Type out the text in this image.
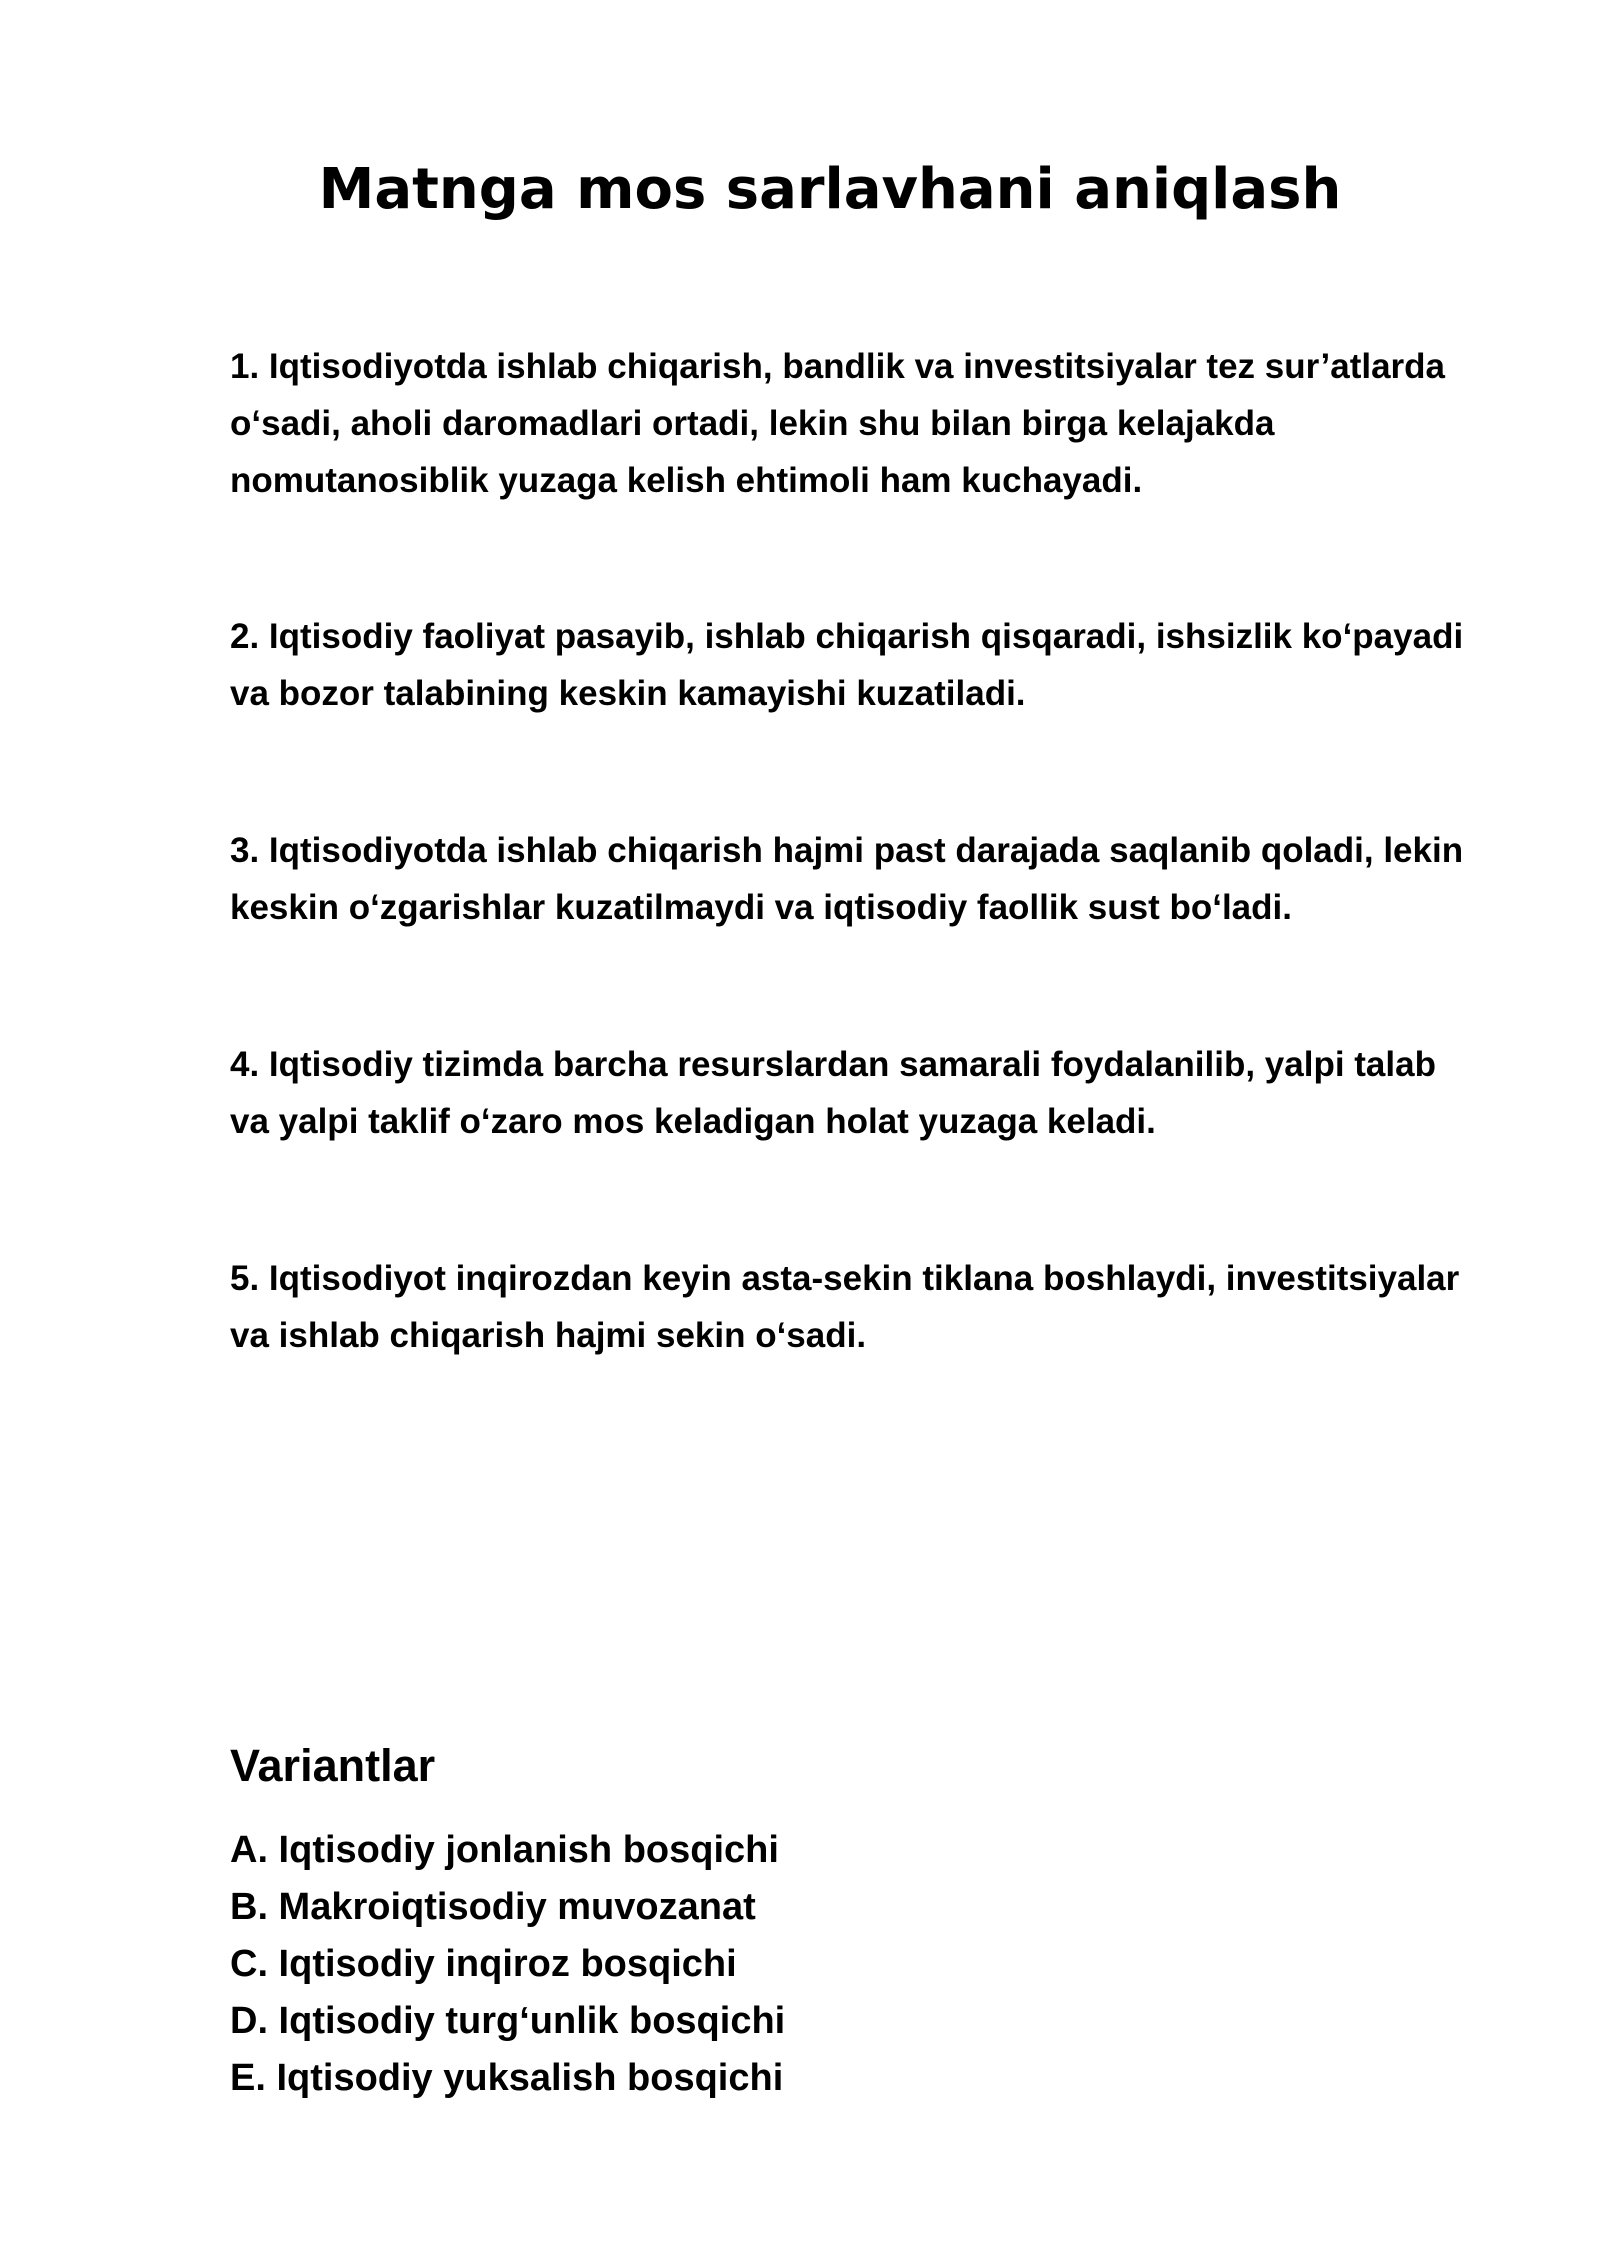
Matnga mos sarlavhani aniqlash

1. Iqtisodiyotda ishlab chiqarish, bandlik va investitsiyalar tez sur’atlarda o‘sadi, aholi daromadlari ortadi, lekin shu bilan birga kelajakda nomutanosiblik yuzaga kelish ehtimoli ham kuchayadi.

2. Iqtisodiy faoliyat pasayib, ishlab chiqarish qisqaradi, ishsizlik ko‘payadi va bozor talabining keskin kamayishi kuzatiladi.

3. Iqtisodiyotda ishlab chiqarish hajmi past darajada saqlanib qoladi, lekin keskin o‘zgarishlar kuzatilmaydi va iqtisodiy faollik sust bo‘ladi.

4. Iqtisodiy tizimda barcha resurslardan samarali foydalanilib, yalpi talab va yalpi taklif o‘zaro mos keladigan holat yuzaga keladi.

5. Iqtisodiyot inqirozdan keyin asta-sekin tiklana boshlaydi, investitsiyalar va ishlab chiqarish hajmi sekin o‘sadi.

Variantlar
A. Iqtisodiy jonlanish bosqichi
B. Makroiqtisodiy muvozanat
C. Iqtisodiy inqiroz bosqichi
D. Iqtisodiy turg‘unlik bosqichi
E. Iqtisodiy yuksalish bosqichi
